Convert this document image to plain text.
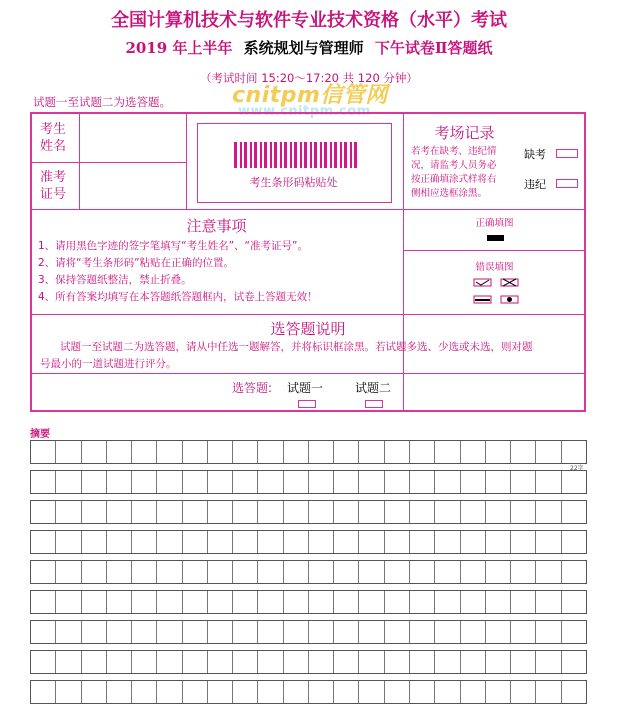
全国计算机技术与软件专业技术资格（水平）考试
2019 年上半年 系统规划与管理师 下午试卷Ⅱ答题纸
（考试时间 15:20～17:20 共 120 分钟）
cnitpm信管网
www.cnitpm.com
试题一至试题二为选答题。
考生
姓名
准考
证号
考生条形码粘贴处
考场记录
若考在缺考、违纪情
况，请监考人员务必
按正确填涂式样将右
侧相应选框涂黑。
缺考
违纪
注意事项
1、请用黑色字迹的签字笔填写“考生姓名”、“准考证号”。
2、请将“考生条形码”粘贴在正确的位置。
3、保持答题纸整洁，禁止折叠。
4、所有答案均填写在本答题纸答题框内，试卷上答题无效！
正确填图
错误填图
选答题说明
试题一至试题二为选答题，请从中任选一题解答，并将标识框涂黑。若试题多选、少选或未选，则对题
号最小的一道试题进行评分。
选答题: 试题一	试题二
摘要
22字
